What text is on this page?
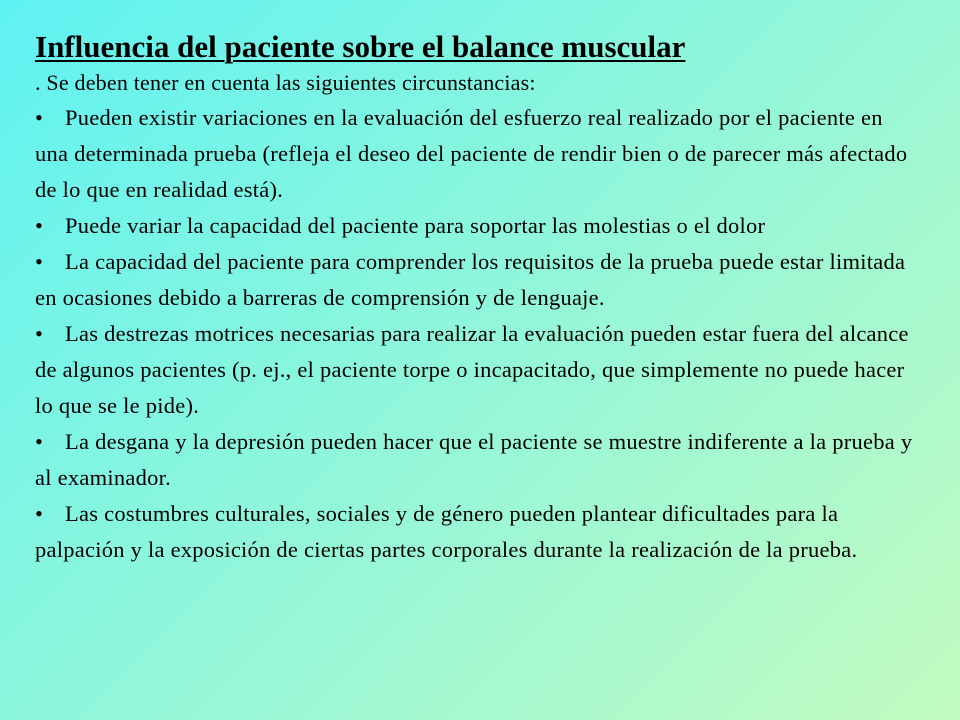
Influencia del paciente sobre el balance muscular
. Se deben tener en cuenta las siguientes circunstancias:
• Pueden existir variaciones en la evaluación del esfuerzo real realizado por el paciente en una determinada prueba (refleja el deseo del paciente de rendir bien o de parecer más afectado de lo que en realidad está).
• Puede variar la capacidad del paciente para soportar las molestias o el dolor
• La capacidad del paciente para comprender los requisitos de la prueba puede estar limitada en ocasiones debido a barreras de comprensión y de lenguaje.
• Las destrezas motrices necesarias para realizar la evaluación pueden estar fuera del alcance de algunos pacientes (p. ej., el paciente torpe o incapacitado, que simplemente no puede hacer lo que se le pide).
• La desgana y la depresión pueden hacer que el paciente se muestre indiferente a la prueba y al examinador.
• Las costumbres culturales, sociales y de género pueden plantear dificultades para la palpación y la exposición de ciertas partes corporales durante la realización de la prueba.
